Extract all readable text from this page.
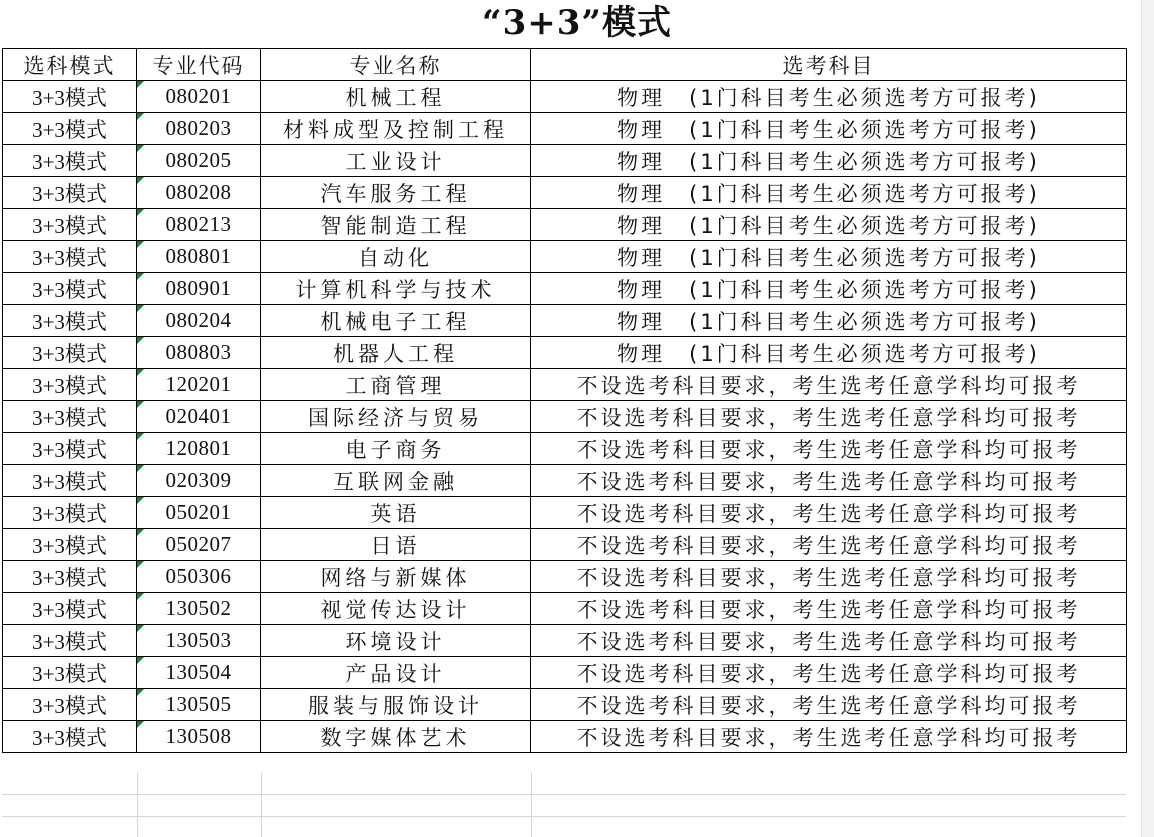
“3+3”模式
选科模式	专业代码	专业名称	选考科目
3+3模式	080201	机械工程	物理 (1门科目考生必须选考方可报考)
3+3模式	080203	材料成型及控制工程	物理 (1门科目考生必须选考方可报考)
3+3模式	080205	工业设计	物理 (1门科目考生必须选考方可报考)
3+3模式	080208	汽车服务工程	物理 (1门科目考生必须选考方可报考)
3+3模式	080213	智能制造工程	物理 (1门科目考生必须选考方可报考)
3+3模式	080801	自动化	物理 (1门科目考生必须选考方可报考)
3+3模式	080901	计算机科学与技术	物理 (1门科目考生必须选考方可报考)
3+3模式	080204	机械电子工程	物理 (1门科目考生必须选考方可报考)
3+3模式	080803	机器人工程	物理 (1门科目考生必须选考方可报考)
3+3模式	120201	工商管理	不设选考科目要求，考生选考任意学科均可报考
3+3模式	020401	国际经济与贸易	不设选考科目要求，考生选考任意学科均可报考
3+3模式	120801	电子商务	不设选考科目要求，考生选考任意学科均可报考
3+3模式	020309	互联网金融	不设选考科目要求，考生选考任意学科均可报考
3+3模式	050201	英语	不设选考科目要求，考生选考任意学科均可报考
3+3模式	050207	日语	不设选考科目要求，考生选考任意学科均可报考
3+3模式	050306	网络与新媒体	不设选考科目要求，考生选考任意学科均可报考
3+3模式	130502	视觉传达设计	不设选考科目要求，考生选考任意学科均可报考
3+3模式	130503	环境设计	不设选考科目要求，考生选考任意学科均可报考
3+3模式	130504	产品设计	不设选考科目要求，考生选考任意学科均可报考
3+3模式	130505	服装与服饰设计	不设选考科目要求，考生选考任意学科均可报考
3+3模式	130508	数字媒体艺术	不设选考科目要求，考生选考任意学科均可报考
